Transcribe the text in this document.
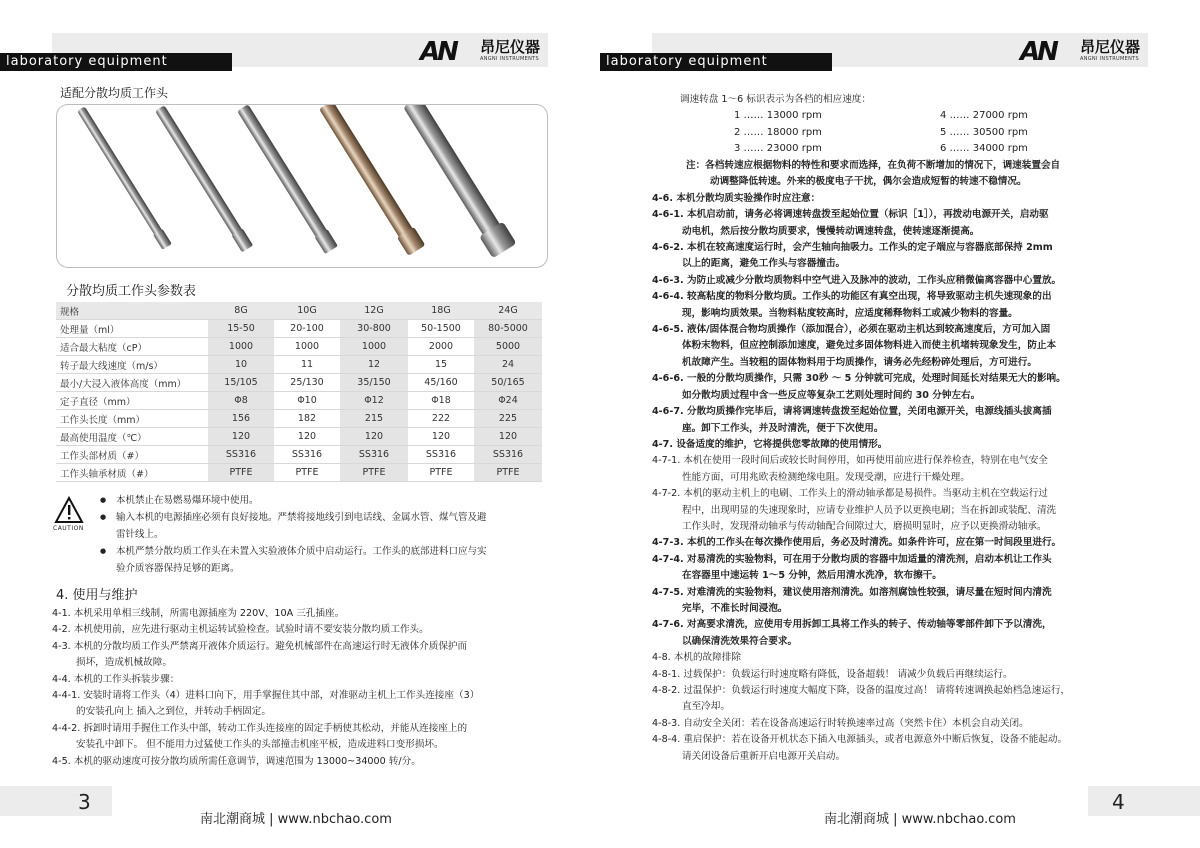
laboratory equipment	AN 昂尼仪器
ANGNI INSTRUMENTS
适配分散均质工作头
分散均质工作头参数表
规格	8G	10G	12G	18G	24G
处理量（ml）	15-50	20-100	30-800	50-1500	80-5000
适合最大粘度（cP）	1000	1000	1000	2000	5000
转子最大线速度（m/s）	10	11	12	15	24
最小/大浸入液体高度（mm）	15/105	25/130	35/150	45/160	50/165
定子直径（mm）	Φ8	Φ10	Φ12	Φ18	Φ24
工作头长度（mm）	156	182	215	222	225
最高使用温度（℃）	120	120	120	120	120
工作头部材质（#）	SS316	SS316	SS316	SS316	SS316
工作头轴承材质（#）	PTFE	PTFE	PTFE	PTFE	PTFE
CAUTION
● 本机禁止在易燃易爆环境中使用。
● 输入本机的电源插座必须有良好接地。严禁将接地线引到电话线、金属水管、煤气管及避
雷针线上。
● 本机严禁分散均质工作头在未置入实验液体介质中启动运行。工作头的底部进料口应与实
验介质容器保持足够的距离。
4. 使用与维护
4-1. 本机采用单相三线制，所需电源插座为 220V、10A 三孔插座。
4-2. 本机使用前，应先进行驱动主机运转试验检查。试验时请不要安装分散均质工作头。
4-3. 本机的分散均质工作头严禁离开液体介质运行。避免机械部件在高速运行时无液体介质保护而
损坏，造成机械故障。
4-4. 本机的工作头拆装步骤：
4-4-1. 安装时请将工作头（4）进料口向下，用手掌握住其中部，对准驱动主机上工作头连接座（3）
的安装孔向上 插入之到位，并转动手柄固定。
4-4-2. 拆卸时请用手握住工作头中部，转动工作头连接座的固定手柄使其松动，并能从连接座上的
安装孔中卸下。 但不能用力过猛使工作头的头部撞击机座平板，造成进料口变形损坏。
4-5. 本机的驱动速度可按分散均质所需任意调节，调速范围为 13000~34000 转/分。
3
南北潮商城 | www.nbchao.com
laboratory equipment	AN 昂尼仪器
ANGNI INSTRUMENTS
调速转盘 1～6 标识表示为各档的相应速度：
1 …… 13000 rpm	4 …… 27000 rpm
2 …… 18000 rpm	5 …… 30500 rpm
3 …… 23000 rpm	6 …… 34000 rpm
注：各档转速应根据物料的特性和要求而选择，在负荷不断增加的情况下，调速装置会自
动调整降低转速。外来的极度电子干扰，偶尔会造成短暂的转速不稳情况。
4-6. 本机分散均质实验操作时应注意：
4-6-1. 本机启动前，请务必将调速转盘拨至起始位置（标识［1］），再拨动电源开关，启动驱
动电机，然后按分散均质要求，慢慢转动调速转盘，使转速逐渐提高。
4-6-2. 本机在较高速度运行时，会产生轴向抽吸力。工作头的定子端应与容器底部保持 2mm
以上的距离，避免工作头与容器撞击。
4-6-3. 为防止或减少分散均质物料中空气进入及脉冲的波动，工作头应稍微偏离容器中心置放。
4-6-4. 较高粘度的物料分散均质。工作头的功能区有真空出现，将导致驱动主机失速现象的出
现，影响均质效果。当物料粘度较高时，应适度稀释物料工或减少物料的容量。
4-6-5. 液体/固体混合物均质操作（添加混合），必须在驱动主机达到较高速度后，方可加入固
体粉末物料，但应控制添加速度，避免过多固体物料进入而使主机堵转现象发生，防止本
机故障产生。当较粗的固体物料用于均质操作，请务必先经粉碎处理后，方可进行。
4-6-6. 一般的分散均质操作，只需 30秒 ～ 5 分钟就可完成，处理时间延长对结果无大的影响。
如分散均质过程中含一些反应等复杂工艺则处理时间约 30 分钟左右。
4-6-7. 分散均质操作完毕后，请将调速转盘拨至起始位置，关闭电源开关，电源线插头拔离插
座。卸下工作头，并及时清洗，便于下次使用。
4-7. 设备适度的维护，它将提供您零故障的使用情形。
4-7-1. 本机在使用一段时间后或较长时间停用，如再使用前应进行保养检查，特别在电气安全
性能方面，可用兆欧表检测绝缘电阻。发现受潮，应进行干燥处理。
4-7-2. 本机的驱动主机上的电刷、工作头上的滑动轴承都是易损件。当驱动主机在空载运行过
程中，出现明显的失速现象时，应请专业维护人员予以更换电刷；当在拆卸或装配、清洗
工作头时，发现滑动轴承与传动轴配合间隙过大，磨损明显时，应予以更换滑动轴承。
4-7-3. 本机的工作头在每次操作使用后，务必及时清洗。如条件许可，应在第一时间段里进行。
4-7-4. 对易清洗的实验物料，可在用于分散均质的容器中加适量的清洗剂，启动本机让工作头
在容器里中速运转 1～5 分钟，然后用清水洗净，软布擦干。
4-7-5. 对难清洗的实验物料，建议使用溶剂清洗。如溶剂腐蚀性较强，请尽量在短时间内清洗
完毕，不准长时间浸泡。
4-7-6. 对高要求清洗，应使用专用拆卸工具将工作头的转子、传动轴等零部件卸下予以清洗，
以确保清洗效果符合要求。
4-8. 本机的故障排除
4-8-1. 过载保护：负载运行时速度略有降低，设备超载！ 请减少负载后再继续运行。
4-8-2. 过温保护：负载运行时速度大幅度下降，设备的温度过高！ 请将转速调换起始档急速运行，
直至冷却。
4-8-3. 自动安全关闭：若在设备高速运行时转换速率过高（突然卡住）本机会自动关闭。
4-8-4. 重启保护：若在设备开机状态下插入电源插头，或者电源意外中断后恢复，设备不能起动。
请关闭设备后重新开启电源开关启动。
4
南北潮商城 | www.nbchao.com
